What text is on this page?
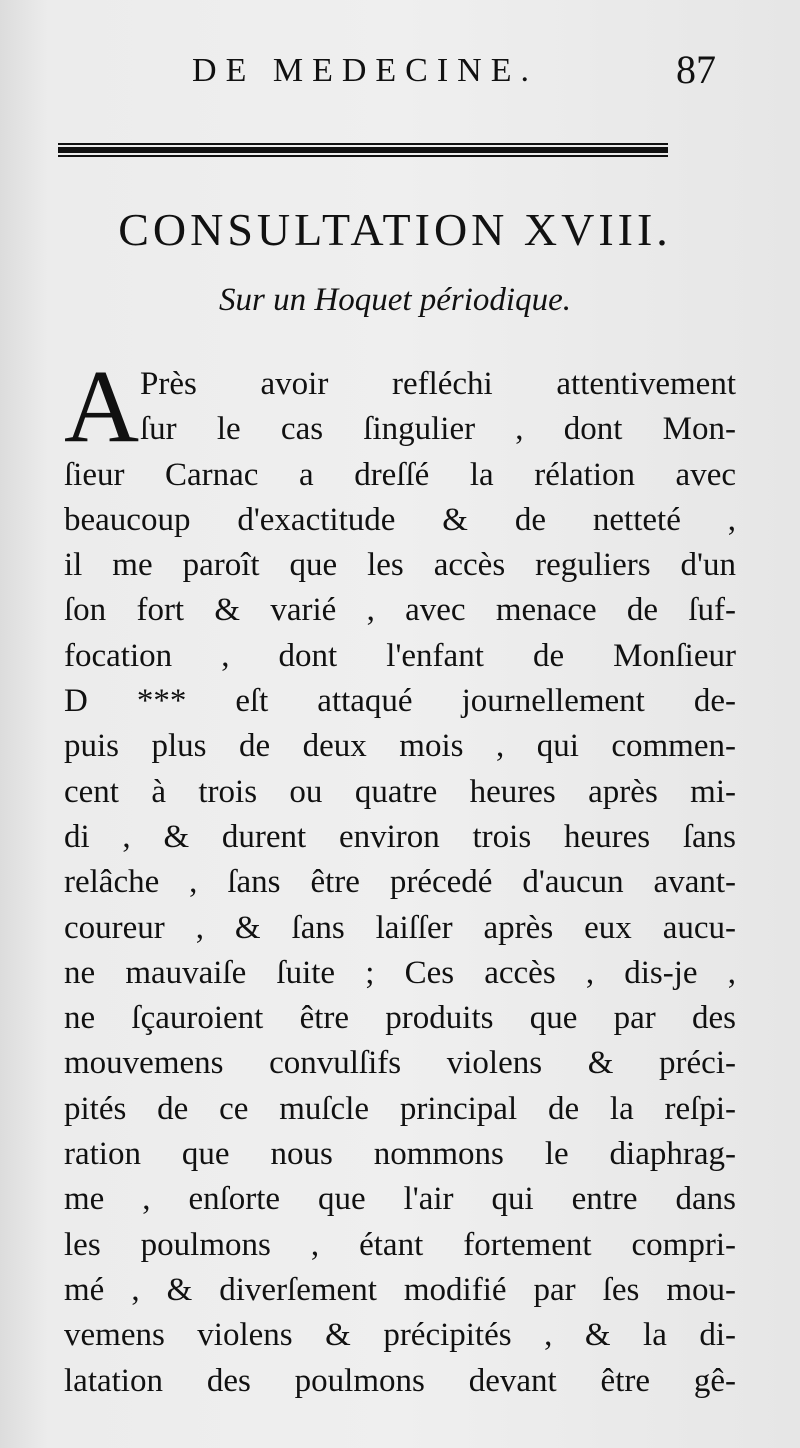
DE MEDECINE.	87
CONSULTATION XVIII.
Sur un Hoquet périodique.
A Près avoir refléchi attentivement
ſur le cas ſingulier , dont Mon-
ſieur Carnac a dreſſé la rélation avec
beaucoup d'exactitude & de netteté ,
il me paroît que les accès reguliers d'un
ſon fort & varié , avec menace de ſuf-
focation , dont l'enfant de Monſieur
D *** eſt attaqué journellement de-
puis plus de deux mois , qui commen-
cent à trois ou quatre heures après mi-
di , & durent environ trois heures ſans
relâche , ſans être précedé d'aucun avant-
coureur , & ſans laiſſer après eux aucu-
ne mauvaiſe ſuite ; Ces accès , dis-je ,
ne ſçauroient être produits que par des
mouvemens convulſifs violens & préci-
pités de ce muſcle principal de la reſpi-
ration que nous nommons le diaphrag-
me , enſorte que l'air qui entre dans
les poulmons , étant fortement compri-
mé , & diverſement modifié par ſes mou-
vemens violens & précipités , & la di-
latation des poulmons devant être gê-
